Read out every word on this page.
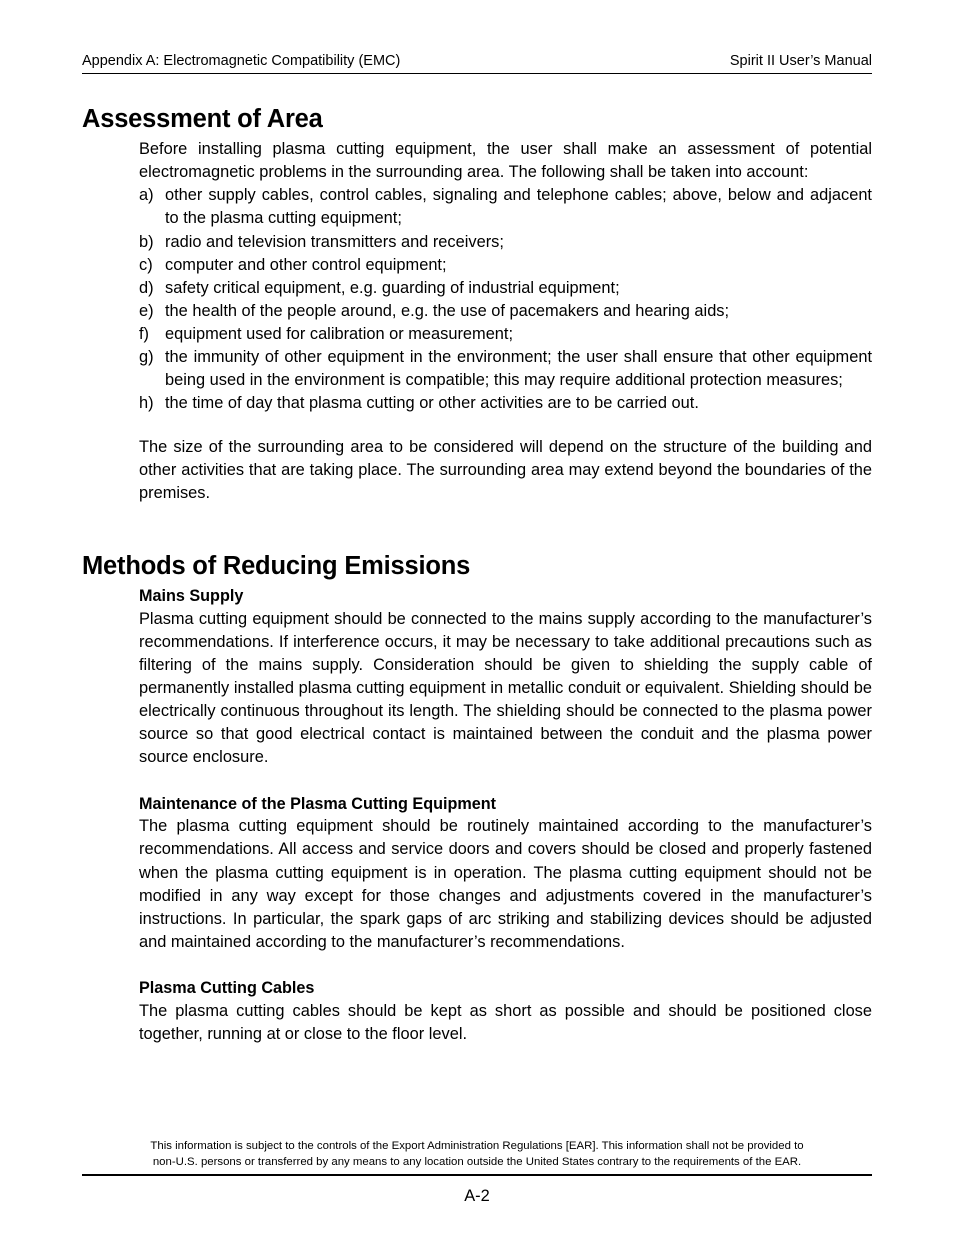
Appendix A: Electromagnetic Compatibility (EMC)	Spirit II User’s Manual
Assessment of Area

Before installing plasma cutting equipment, the user shall make an assessment of potential electromagnetic problems in the surrounding area. The following shall be taken into account:

a) other supply cables, control cables, signaling and telephone cables; above, below and adjacent to the plasma cutting equipment;
b) radio and television transmitters and receivers;
c) computer and other control equipment;
d) safety critical equipment, e.g. guarding of industrial equipment;
e) the health of the people around, e.g. the use of pacemakers and hearing aids;
f) equipment used for calibration or measurement;
g) the immunity of other equipment in the environment; the user shall ensure that other equipment being used in the environment is compatible; this may require additional protection measures;
h) the time of day that plasma cutting or other activities are to be carried out.

The size of the surrounding area to be considered will depend on the structure of the building and other activities that are taking place. The surrounding area may extend beyond the boundaries of the premises.

Methods of Reducing Emissions
Mains Supply

Plasma cutting equipment should be connected to the mains supply according to the manufacturer’s recommendations. If interference occurs, it may be necessary to take additional precautions such as filtering of the mains supply. Consideration should be given to shielding the supply cable of permanently installed plasma cutting equipment in metallic conduit or equivalent. Shielding should be electrically continuous throughout its length. The shielding should be connected to the plasma power source so that good electrical contact is maintained between the conduit and the plasma power source enclosure.

Maintenance of the Plasma Cutting Equipment

The plasma cutting equipment should be routinely maintained according to the manufacturer’s recommendations. All access and service doors and covers should be closed and properly fastened when the plasma cutting equipment is in operation. The plasma cutting equipment should not be modified in any way except for those changes and adjustments covered in the manufacturer’s instructions. In particular, the spark gaps of arc striking and stabilizing devices should be adjusted and maintained according to the manufacturer’s recommendations.

Plasma Cutting Cables

The plasma cutting cables should be kept as short as possible and should be positioned close together, running at or close to the floor level.

This information is subject to the controls of the Export Administration Regulations [EAR]. This information shall not be provided to
non-U.S. persons or transferred by any means to any location outside the United States contrary to the requirements of the EAR.
A-2
